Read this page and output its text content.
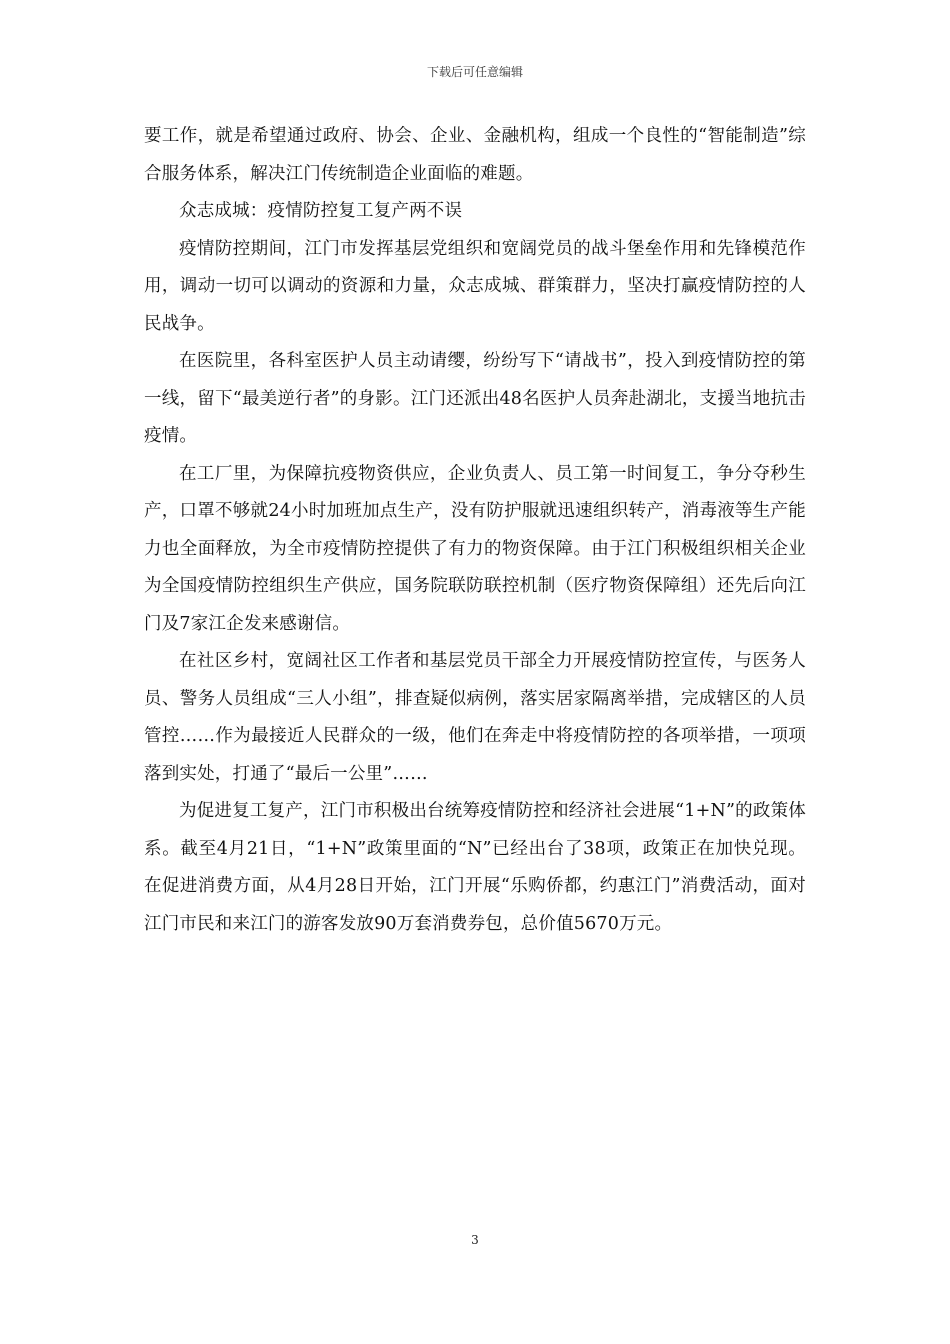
下载后可任意编辑

要工作，就是希望通过政府、协会、企业、金融机构，组成一个良性的“智能制造”综合服务体系，解决江门传统制造企业面临的难题。

众志成城：疫情防控复工复产两不误

疫情防控期间，江门市发挥基层党组织和宽阔党员的战斗堡垒作用和先锋模范作用，调动一切可以调动的资源和力量，众志成城、群策群力，坚决打赢疫情防控的人民战争。

在医院里，各科室医护人员主动请缨，纷纷写下“请战书”，投入到疫情防控的第一线，留下“最美逆行者”的身影。江门还派出48名医护人员奔赴湖北，支援当地抗击疫情。

在工厂里，为保障抗疫物资供应，企业负责人、员工第一时间复工，争分夺秒生产，口罩不够就24小时加班加点生产，没有防护服就迅速组织转产，消毒液等生产能力也全面释放，为全市疫情防控提供了有力的物资保障。由于江门积极组织相关企业为全国疫情防控组织生产供应，国务院联防联控机制（医疗物资保障组）还先后向江门及7家江企发来感谢信。

在社区乡村，宽阔社区工作者和基层党员干部全力开展疫情防控宣传，与医务人员、警务人员组成“三人小组”，排查疑似病例，落实居家隔离举措，完成辖区的人员管控……作为最接近人民群众的一级，他们在奔走中将疫情防控的各项举措，一项项落到实处，打通了“最后一公里”……

为促进复工复产，江门市积极出台统筹疫情防控和经济社会进展“1+N”的政策体系。截至4月21日，“1+N”政策里面的“N”已经出台了38项，政策正在加快兑现。在促进消费方面，从4月28日开始，江门开展“乐购侨都，约惠江门”消费活动，面对江门市民和来江门的游客发放90万套消费券包，总价值5670万元。

3
